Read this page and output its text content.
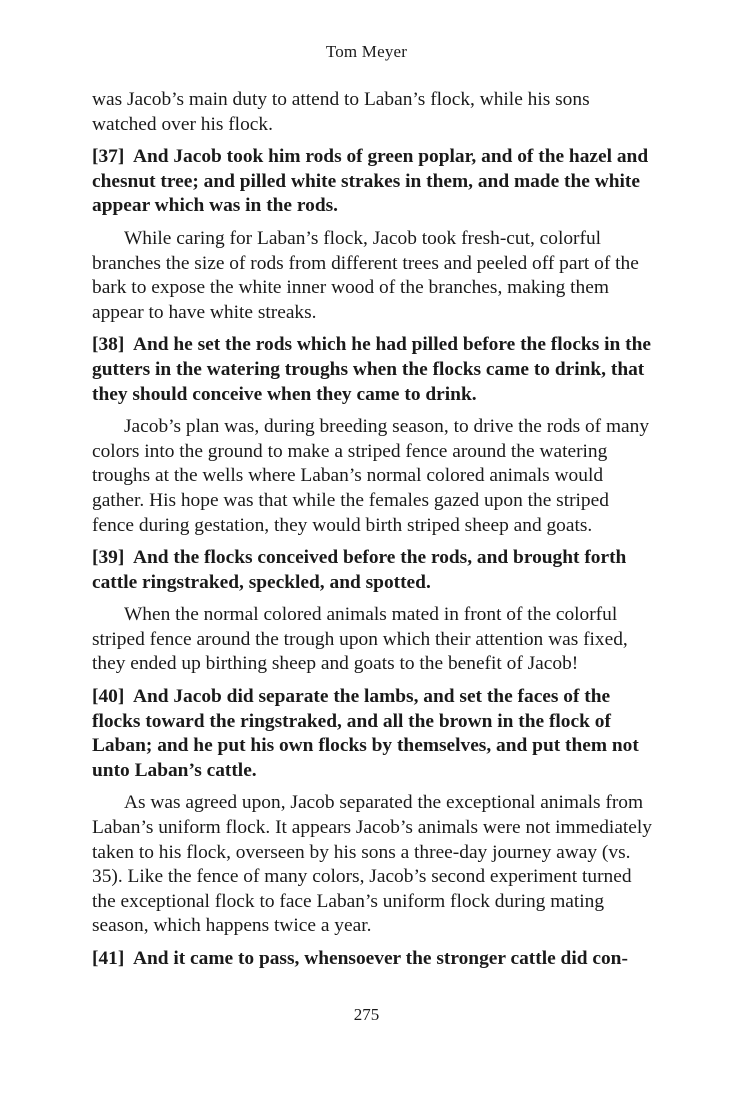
Tom Meyer

was Jacob’s main duty to attend to Laban’s flock, while his sons watched over his flock.

[37] And Jacob took him rods of green poplar, and of the hazel and chesnut tree; and pilled white strakes in them, and made the white appear which was in the rods.

While caring for Laban’s flock, Jacob took fresh-cut, colorful branches the size of rods from different trees and peeled off part of the bark to expose the white inner wood of the branches, making them appear to have white streaks.

[38] And he set the rods which he had pilled before the flocks in the gutters in the watering troughs when the flocks came to drink, that they should conceive when they came to drink.

Jacob’s plan was, during breeding season, to drive the rods of many colors into the ground to make a striped fence around the watering troughs at the wells where Laban’s normal colored animals would gather. His hope was that while the females gazed upon the striped fence during gestation, they would birth striped sheep and goats.

[39] And the flocks conceived before the rods, and brought forth cattle ringstraked, speckled, and spotted.

When the normal colored animals mated in front of the colorful striped fence around the trough upon which their attention was fixed, they ended up birthing sheep and goats to the benefit of Jacob!

[40] And Jacob did separate the lambs, and set the faces of the flocks toward the ringstraked, and all the brown in the flock of Laban; and he put his own flocks by themselves, and put them not unto Laban’s cattle.

As was agreed upon, Jacob separated the exceptional animals from Laban’s uniform flock. It appears Jacob’s animals were not immediately taken to his flock, overseen by his sons a three-day journey away (vs. 35). Like the fence of many colors, Jacob’s second experiment turned the exceptional flock to face Laban’s uniform flock during mating season, which happens twice a year.

[41] And it came to pass, whensoever the stronger cattle did con-

275
